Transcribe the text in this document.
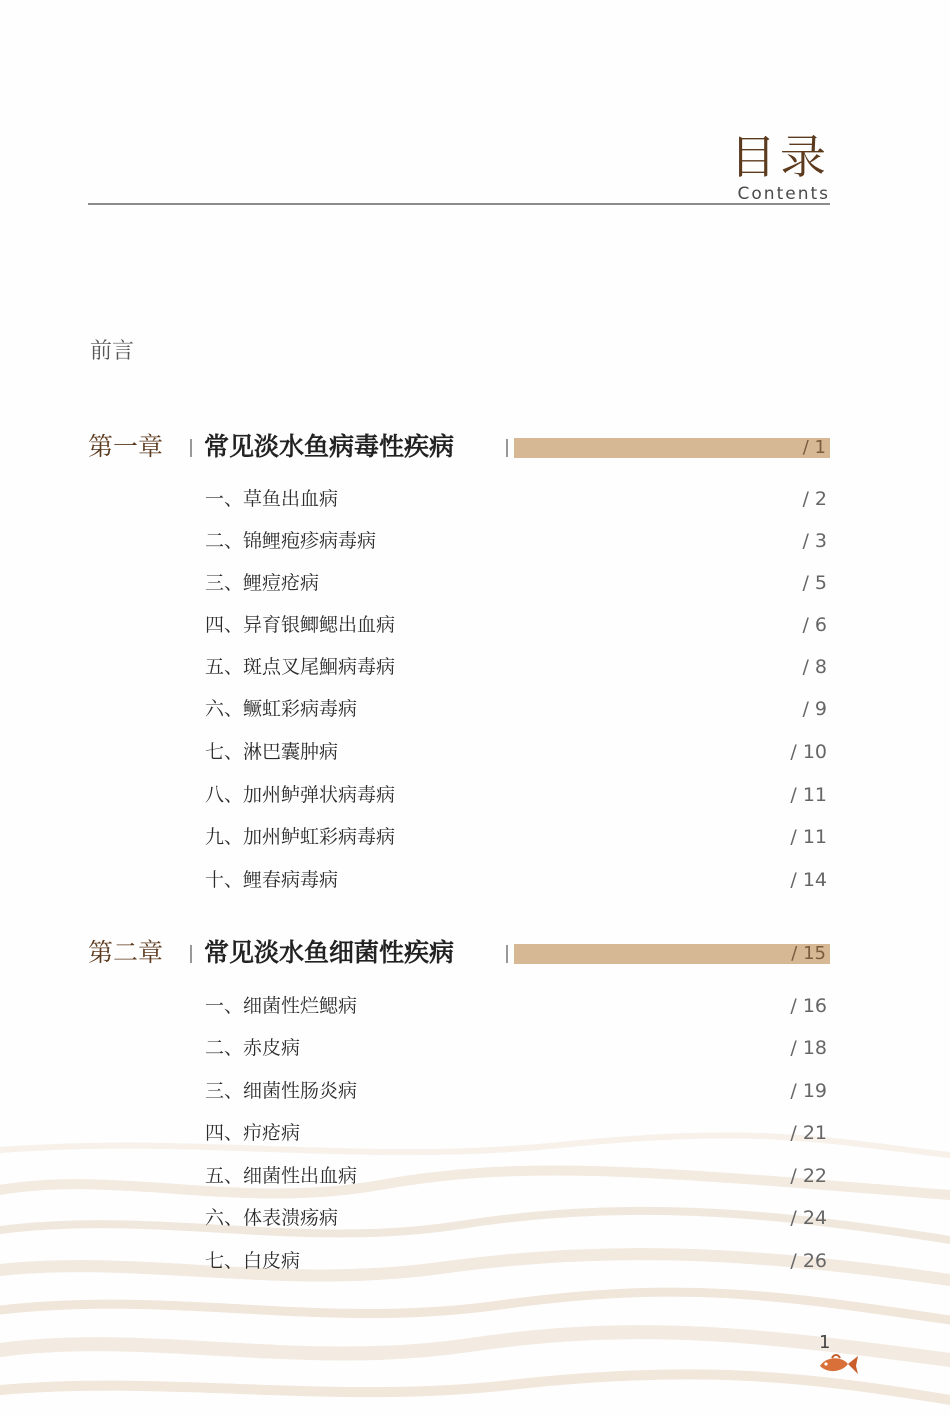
目录
Contents
前言
第一章 常见淡水鱼病毒性疾病	/ 1
一、草鱼出血病	/ 2
二、锦鲤疱疹病毒病	/ 3
三、鲤痘疮病	/ 5
四、异育银鲫鳃出血病	/ 6
五、斑点叉尾鮰病毒病	/ 8
六、鳜虹彩病毒病	/ 9
七、淋巴囊肿病	/ 10
八、加州鲈弹状病毒病	/ 11
九、加州鲈虹彩病毒病	/ 11
十、鲤春病毒病	/ 14
第二章 常见淡水鱼细菌性疾病	/ 15
一、细菌性烂鳃病	/ 16
二、赤皮病	/ 18
三、细菌性肠炎病	/ 19
四、疖疮病	/ 21
五、细菌性出血病	/ 22
六、体表溃疡病	/ 24
七、白皮病	/ 26
1
